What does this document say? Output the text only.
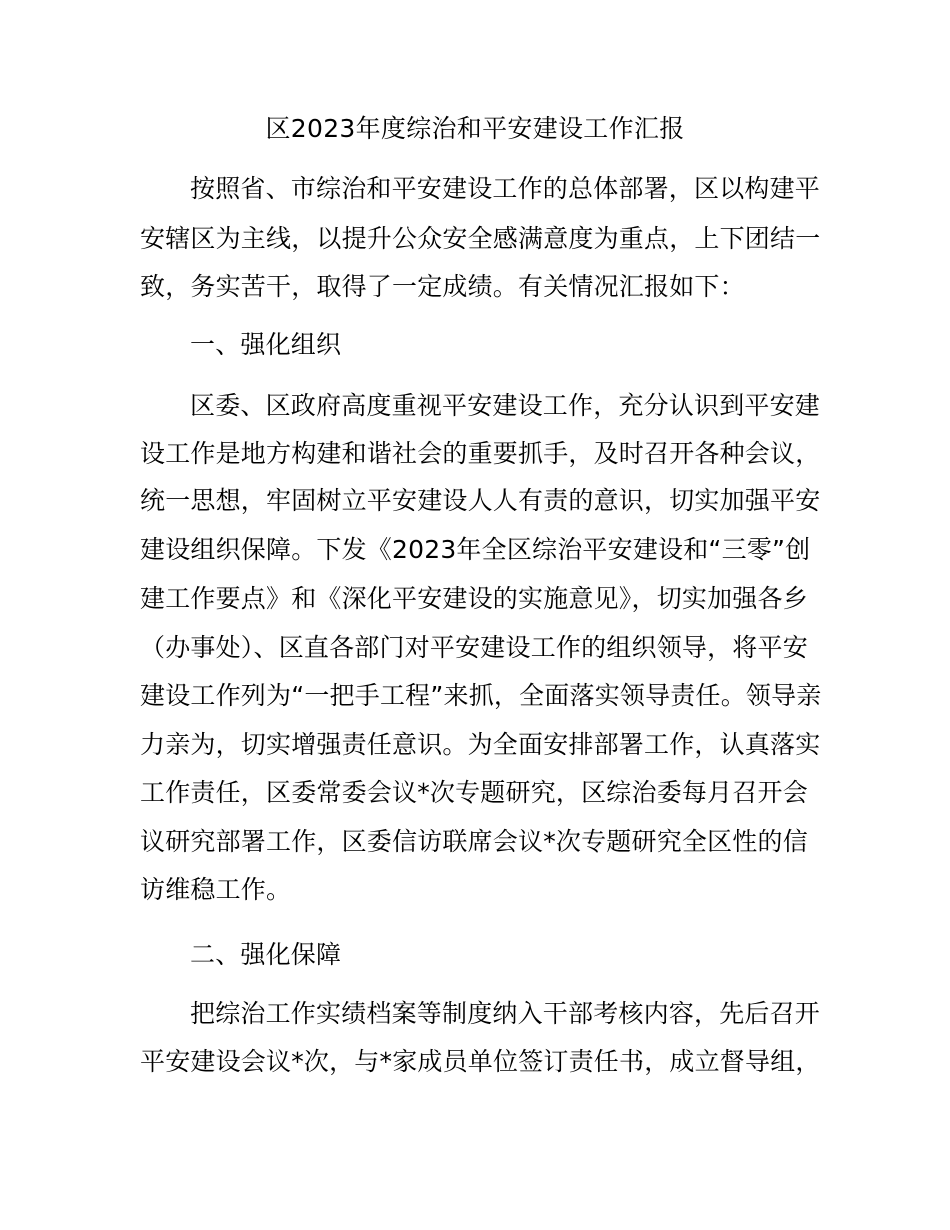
区2023年度综治和平安建设工作汇报
按照省、市综治和平安建设工作的总体部署，区以构建平
安辖区为主线，以提升公众安全感满意度为重点，上下团结一
致，务实苦干，取得了一定成绩。有关情况汇报如下：
一、强化组织
区委、区政府高度重视平安建设工作，充分认识到平安建
设工作是地方构建和谐社会的重要抓手，及时召开各种会议，
统一思想，牢固树立平安建设人人有责的意识，切实加强平安
建设组织保障。下发《2023年全区综治平安建设和“三零”创
建工作要点》和《深化平安建设的实施意见》，切实加强各乡
（办事处）、区直各部门对平安建设工作的组织领导，将平安
建设工作列为“一把手工程”来抓，全面落实领导责任。领导亲
力亲为，切实增强责任意识。为全面安排部署工作，认真落实
工作责任，区委常委会议*次专题研究，区综治委每月召开会
议研究部署工作，区委信访联席会议*次专题研究全区性的信
访维稳工作。
二、强化保障
把综治工作实绩档案等制度纳入干部考核内容，先后召开
平安建设会议*次，与*家成员单位签订责任书，成立督导组，
